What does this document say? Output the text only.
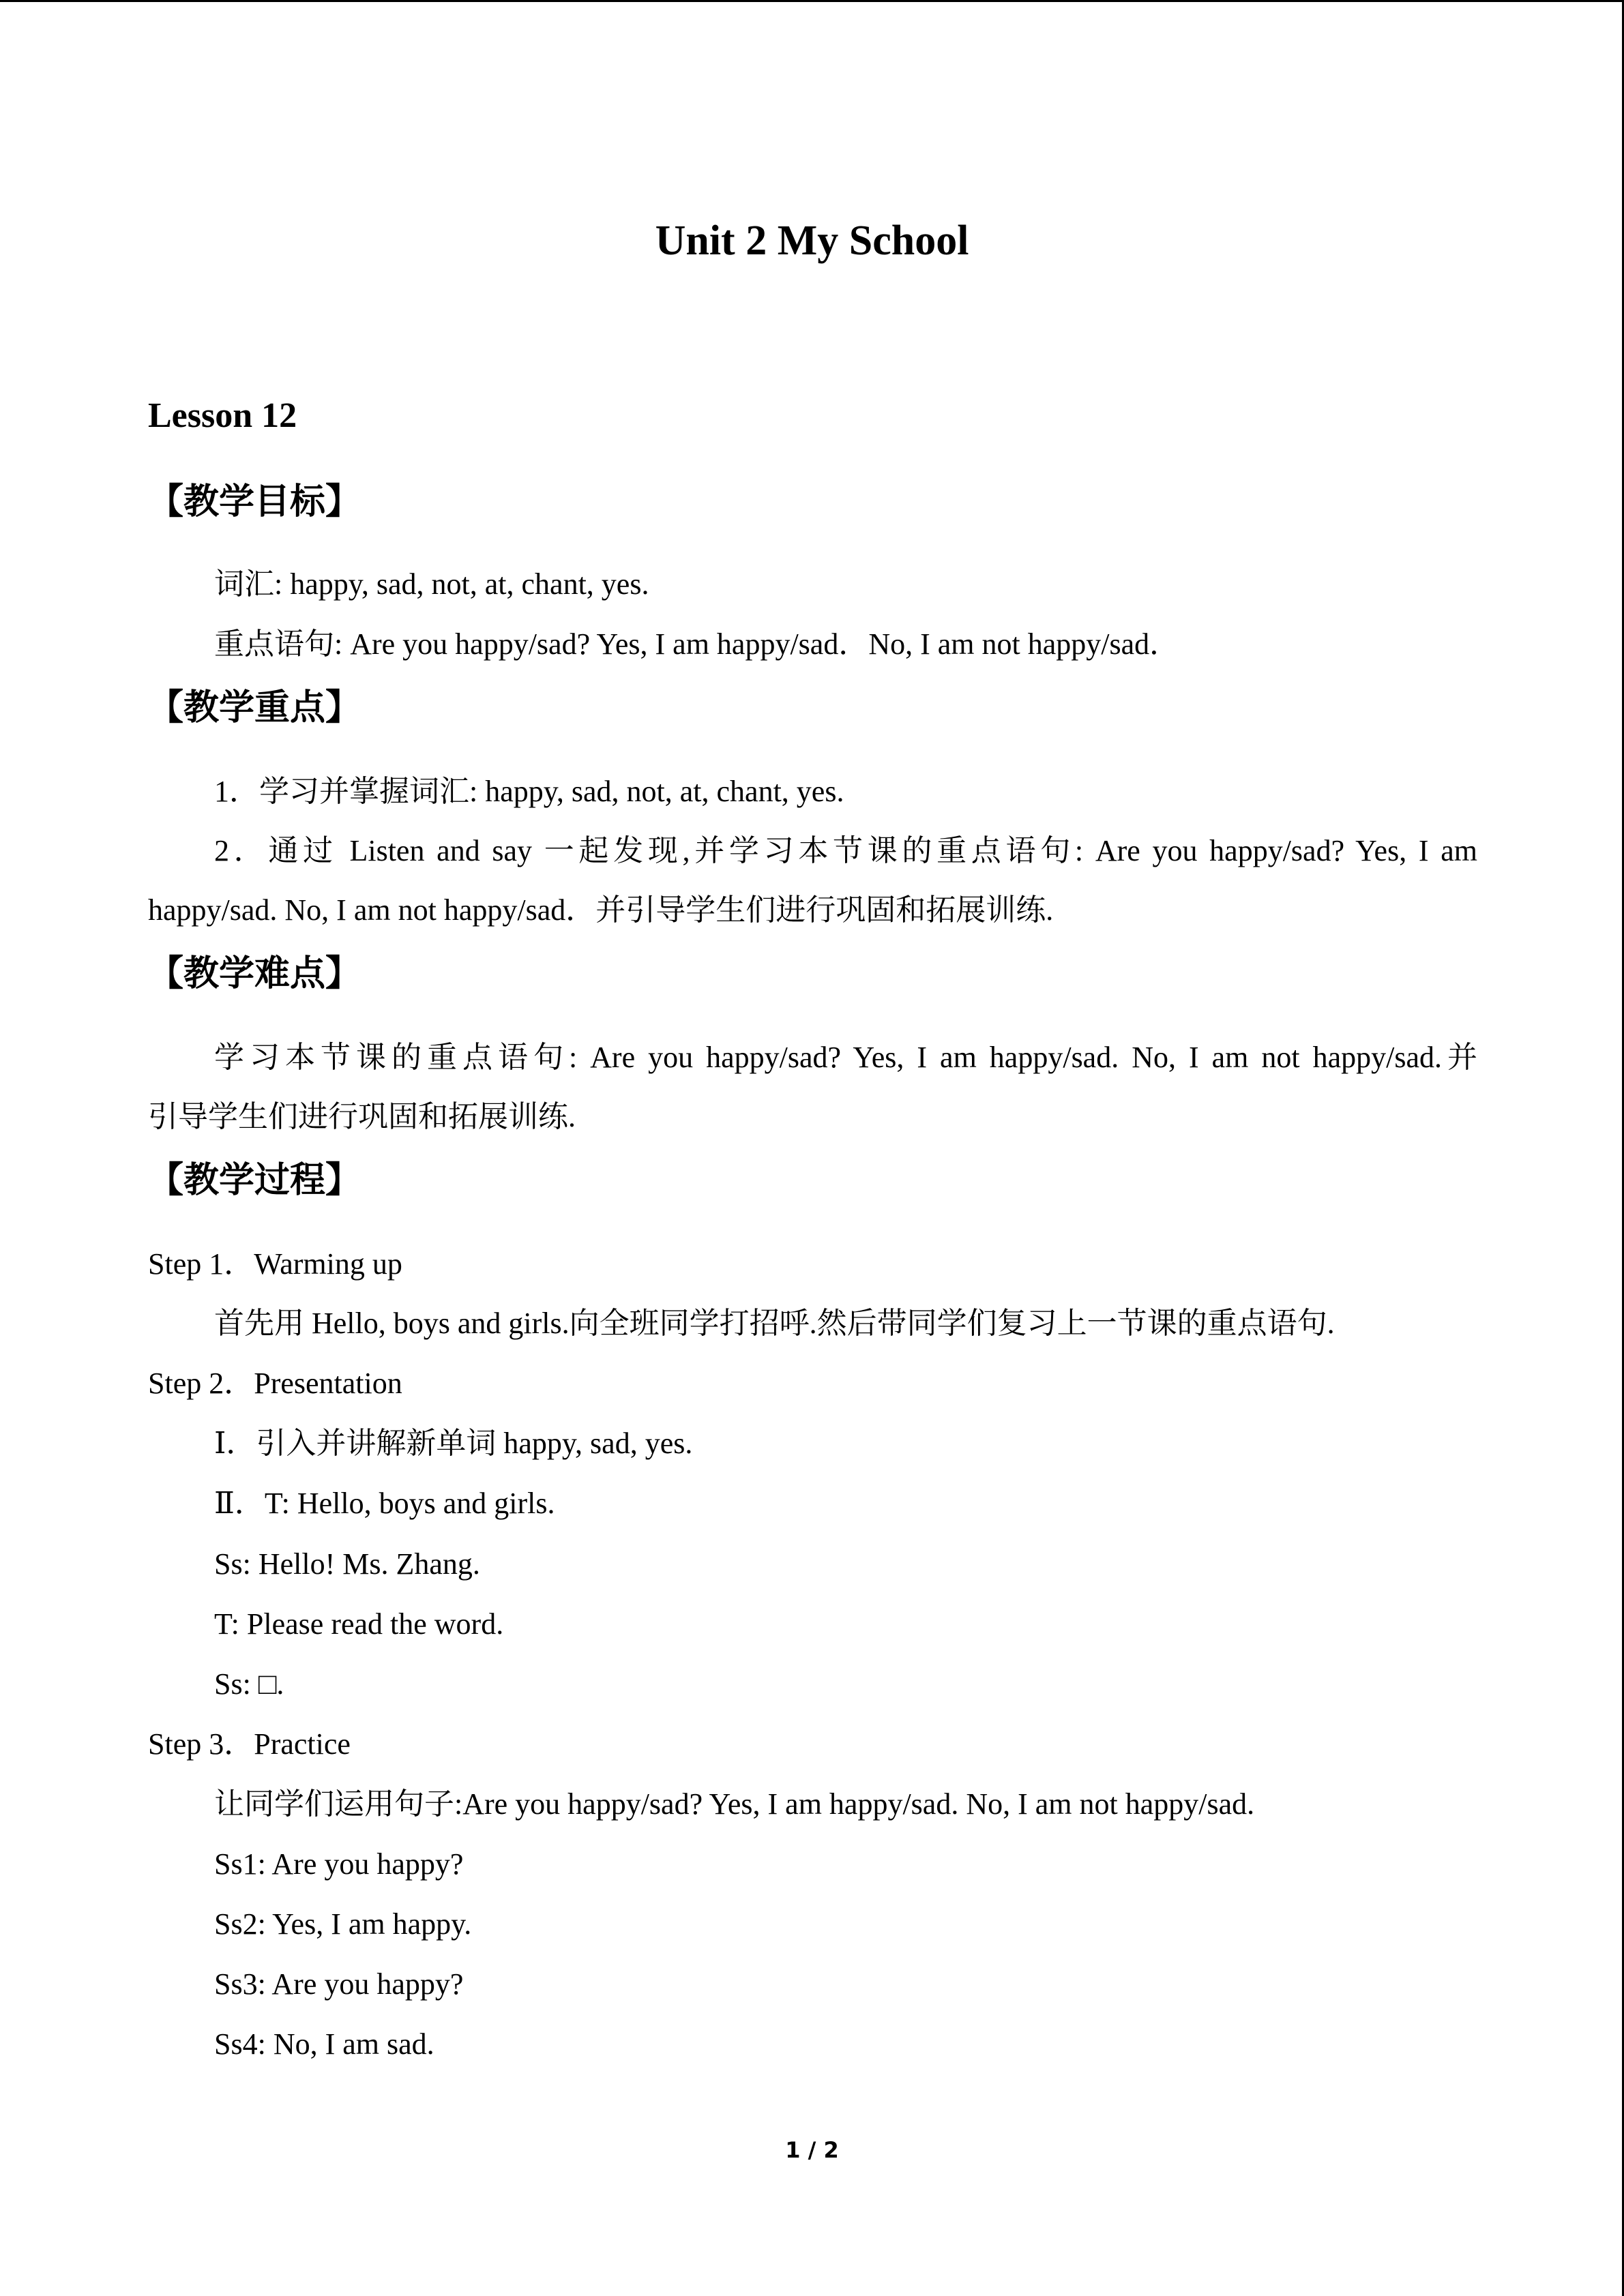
Unit 2 My School

Lesson 12

【教学目标】

词汇: happy, sad, not, at, chant, yes.

重点语句: Are you happy/sad? Yes, I am happy/sad．No, I am not happy/sad．

【教学重点】

1．学习并掌握词汇: happy, sad, not, at, chant, yes.

2．通过 Listen and say 一起发现,并学习本节课的重点语句: Are you happy/sad? Yes, I am

happy/sad. No, I am not happy/sad．并引导学生们进行巩固和拓展训练.

【教学难点】

学习本节课的重点语句: Are you happy/sad? Yes, I am happy/sad. No, I am not happy/sad.并

引导学生们进行巩固和拓展训练.

【教学过程】

Step 1．Warming up

首先用 Hello, boys and girls.向全班同学打招呼.然后带同学们复习上一节课的重点语句.

Step 2．Presentation

Ⅰ．引入并讲解新单词 happy, sad, yes.

Ⅱ．T: Hello, boys and girls.

Ss: Hello! Ms. Zhang.

T: Please read the word.

Ss: □.

Step 3．Practice

让同学们运用句子:Are you happy/sad? Yes, I am happy/sad. No, I am not happy/sad.

Ss1: Are you happy?

Ss2: Yes, I am happy.

Ss3: Are you happy?

Ss4: No, I am sad.

1 / 2
